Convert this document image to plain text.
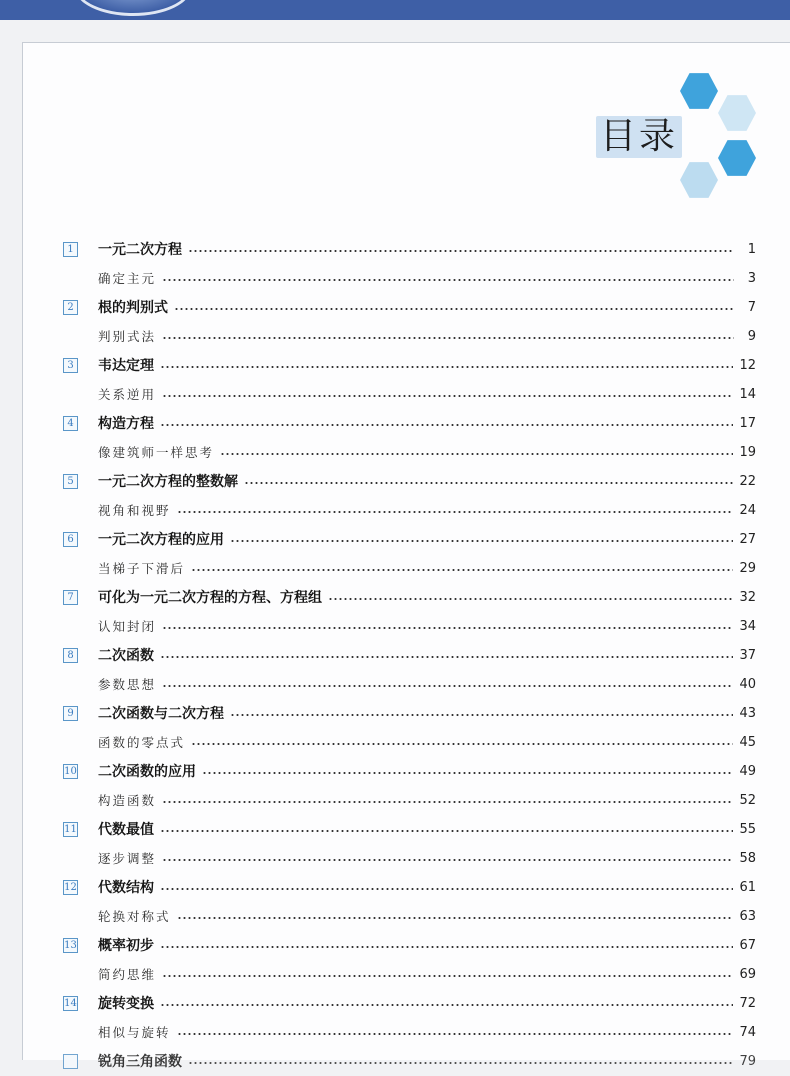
目录
1	一元二次方程	1
确定主元	3
2	根的判别式	7
判别式法	9
3	韦达定理	12
关系逆用	14
4	构造方程	17
像建筑师一样思考	19
5	一元二次方程的整数解	22
视角和视野	24
6	一元二次方程的应用	27
当梯子下滑后	29
7	可化为一元二次方程的方程、方程组	32
认知封闭	34
8	二次函数	37
参数思想	40
9	二次函数与二次方程	43
函数的零点式	45
10 二次函数的应用	49
构造函数	52
11 代数最值	55
逐步调整	58
12 代数结构	61
轮换对称式	63
13 概率初步	67
简约思维	69
14 旋转变换	72
相似与旋转	74
锐角三角函数	79
